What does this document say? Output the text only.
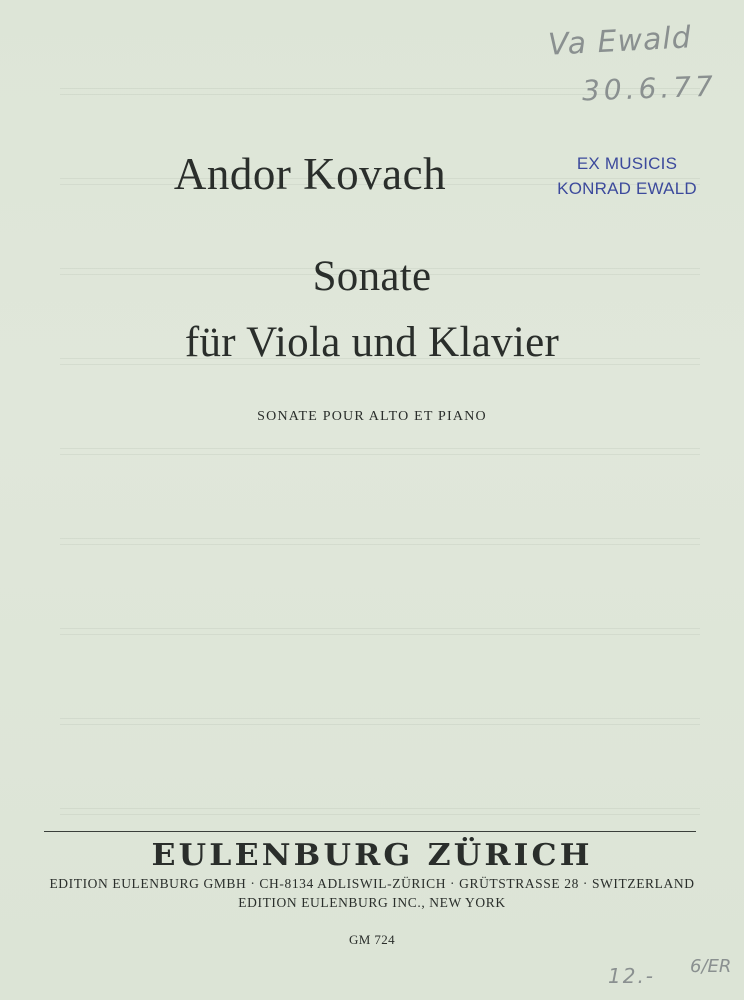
Va Ewald
30.6.77
EX MUSICIS
KONRAD EWALD
Andor Kovach
Sonate
für Viola und Klavier
SONATE POUR ALTO ET PIANO
EULENBURG ZÜRICH
EDITION EULENBURG GMBH · CH-8134 ADLISWIL-ZÜRICH · GRÜTSTRASSE 28 · SWITZERLAND
EDITION EULENBURG INC., NEW YORK
GM 724
12.- 6/ER
